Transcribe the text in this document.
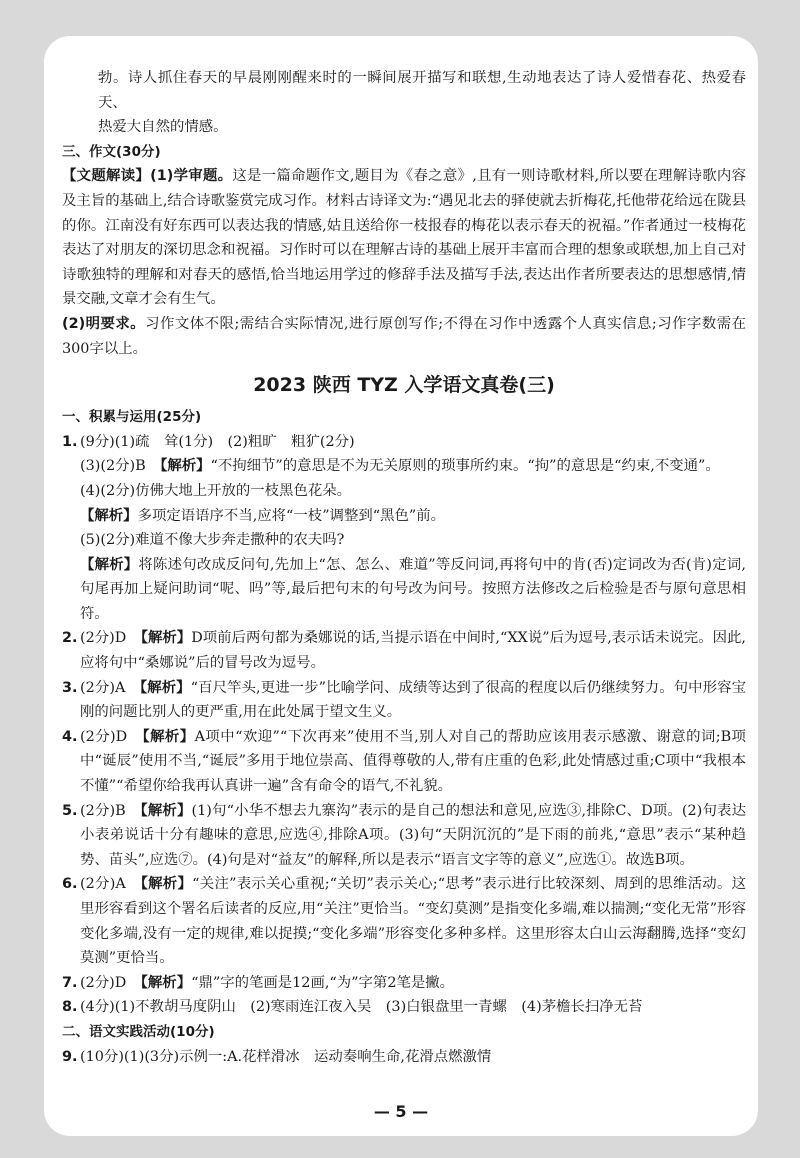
勃。诗人抓住春天的早晨刚刚醒来时的一瞬间展开描写和联想,生动地表达了诗人爱惜春花、热爱春天、

热爱大自然的情感。

三、作文(30分)

【文题解读】(1)学审题。这是一篇命题作文,题目为《春之意》,且有一则诗歌材料,所以要在理解诗歌内容及主旨的基础上,结合诗歌鉴赏完成习作。材料古诗译文为:“遇见北去的驿使就去折梅花,托他带花给远在陇县的你。江南没有好东西可以表达我的情感,姑且送给你一枝报春的梅花以表示春天的祝福。”作者通过一枝梅花表达了对朋友的深切思念和祝福。习作时可以在理解古诗的基础上展开丰富而合理的想象或联想,加上自己对诗歌独特的理解和对春天的感悟,恰当地运用学过的修辞手法及描写手法,表达出作者所要表达的思想感情,情景交融,文章才会有生气。

(2)明要求。习作文体不限;需结合实际情况,进行原创写作;不得在习作中透露个人真实信息;习作字数需在300字以上。

2023 陕西 TYZ 入学语文真卷(三)

一、积累与运用(25分)

1. (9分)(1)疏　耸(1分)　(2)粗旷　粗犷(2分)

(3)(2分)B　【解析】“不拘细节”的意思是不为无关原则的琐事所约束。“拘”的意思是“约束,不变通”。

(4)(2分)仿佛大地上开放的一枝黑色花朵。

【解析】多项定语语序不当,应将“一枝”调整到“黑色”前。

(5)(2分)难道不像大步奔走撒种的农夫吗?

【解析】将陈述句改成反问句,先加上“怎、怎么、难道”等反问词,再将句中的肯(否)定词改为否(肯)定词,句尾再加上疑问助词“呢、吗”等,最后把句末的句号改为问号。按照方法修改之后检验是否与原句意思相符。

2. (2分)D　【解析】D项前后两句都为桑娜说的话,当提示语在中间时,“XX说”后为逗号,表示话未说完。因此,应将句中“桑娜说”后的冒号改为逗号。

3. (2分)A　【解析】“百尺竿头,更进一步”比喻学问、成绩等达到了很高的程度以后仍继续努力。句中形容宝刚的问题比别人的更严重,用在此处属于望文生义。

4. (2分)D　【解析】A项中“欢迎”“下次再来”使用不当,别人对自己的帮助应该用表示感激、谢意的词;B项中“诞辰”使用不当,“诞辰”多用于地位崇高、值得尊敬的人,带有庄重的色彩,此处情感过重;C项中“我根本不懂”“希望你给我再认真讲一遍”含有命令的语气,不礼貌。

5. (2分)B　【解析】(1)句“小华不想去九寨沟”表示的是自己的想法和意见,应选③,排除C、D项。(2)句表达小表弟说话十分有趣味的意思,应选④,排除A项。(3)句“天阴沉沉的”是下雨的前兆,“意思”表示“某种趋势、苗头”,应选⑦。(4)句是对“益友”的解释,所以是表示“语言文字等的意义”,应选①。故选B项。

6. (2分)A　【解析】“关注”表示关心重视;“关切”表示关心;“思考”表示进行比较深刻、周到的思维活动。这里形容看到这个署名后读者的反应,用“关注”更恰当。“变幻莫测”是指变化多端,难以揣测;“变化无常”形容变化多端,没有一定的规律,难以捉摸;“变化多端”形容变化多种多样。这里形容太白山云海翻腾,选择“变幻莫测”更恰当。

7. (2分)D　【解析】“鼎”字的笔画是12画,“为”字第2笔是撇。

8. (4分)(1)不教胡马度阴山　(2)寒雨连江夜入吴　(3)白银盘里一青螺　(4)茅檐长扫净无苔

二、语文实践活动(10分)

9. (10分)(1)(3分)示例一:A.花样滑冰　运动奏响生命,花滑点燃激情

— 5 —
